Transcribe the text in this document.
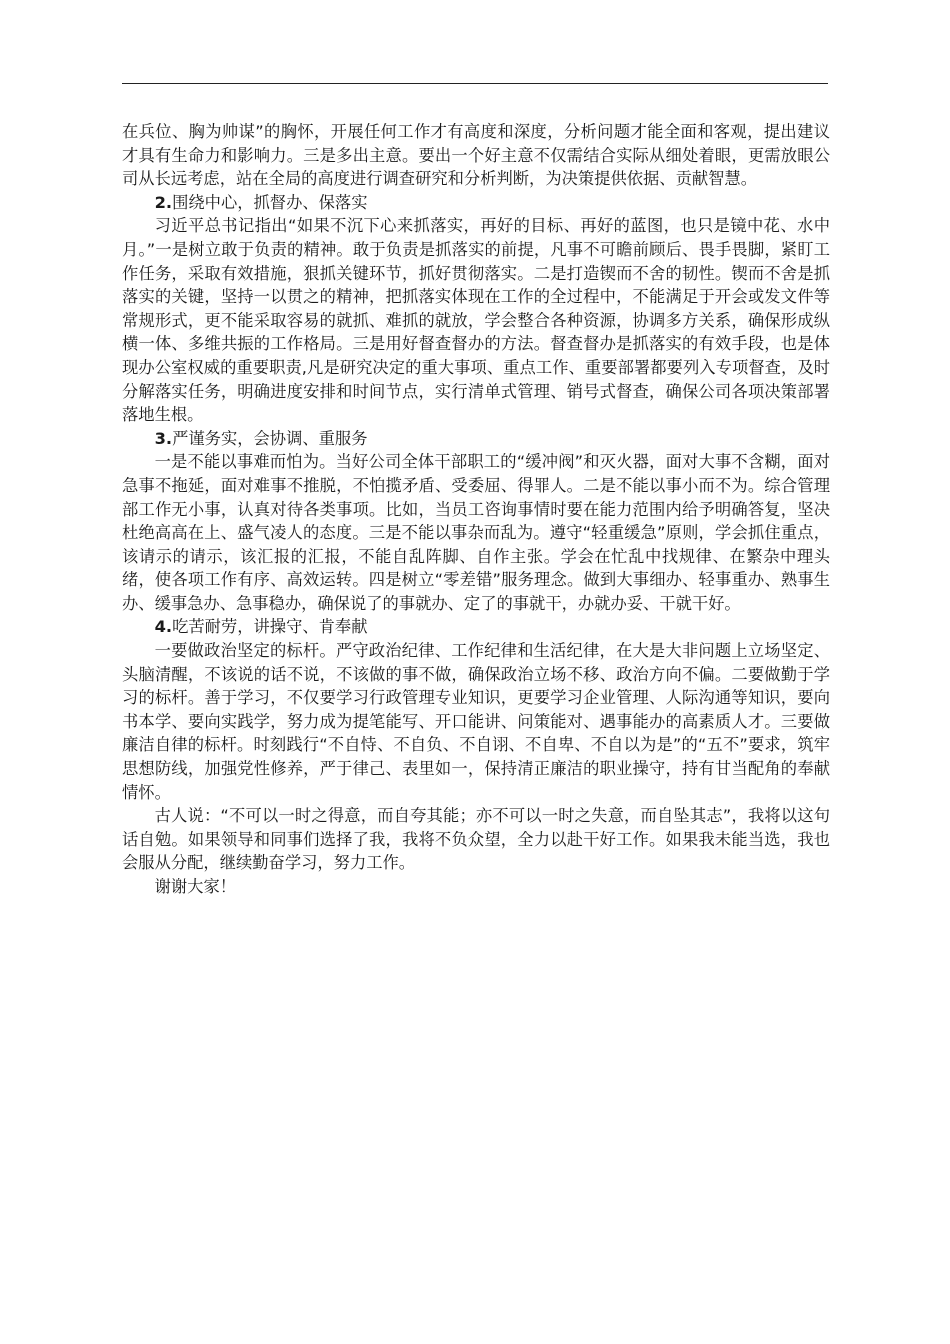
在兵位、胸为帅谋”的胸怀，开展任何工作才有高度和深度，分析问题才能全面和客观，提出建议才具有生命力和影响力。三是多出主意。要出一个好主意不仅需结合实际从细处着眼，更需放眼公司从长远考虑，站在全局的高度进行调查研究和分析判断，为决策提供依据、贡献智慧。

2.围绕中心，抓督办、保落实

习近平总书记指出“如果不沉下心来抓落实，再好的目标、再好的蓝图，也只是镜中花、水中月。”一是树立敢于负责的精神。敢于负责是抓落实的前提，凡事不可瞻前顾后、畏手畏脚，紧盯工作任务，采取有效措施，狠抓关键环节，抓好贯彻落实。二是打造锲而不舍的韧性。锲而不舍是抓落实的关键，坚持一以贯之的精神，把抓落实体现在工作的全过程中，不能满足于开会或发文件等常规形式，更不能采取容易的就抓、难抓的就放，学会整合各种资源，协调多方关系，确保形成纵横一体、多维共振的工作格局。三是用好督查督办的方法。督查督办是抓落实的有效手段，也是体现办公室权威的重要职责,凡是研究决定的重大事项、重点工作、重要部署都要列入专项督查，及时分解落实任务，明确进度安排和时间节点，实行清单式管理、销号式督查，确保公司各项决策部署落地生根。

3.严谨务实，会协调、重服务

一是不能以事难而怕为。当好公司全体干部职工的“缓冲阀”和灭火器，面对大事不含糊，面对急事不拖延，面对难事不推脱，不怕揽矛盾、受委屈、得罪人。二是不能以事小而不为。综合管理部工作无小事，认真对待各类事项。比如，当员工咨询事情时要在能力范围内给予明确答复，坚决杜绝高高在上、盛气凌人的态度。三是不能以事杂而乱为。遵守“轻重缓急”原则，学会抓住重点，该请示的请示，该汇报的汇报，不能自乱阵脚、自作主张。学会在忙乱中找规律、在繁杂中理头绪，使各项工作有序、高效运转。四是树立“零差错”服务理念。做到大事细办、轻事重办、熟事生办、缓事急办、急事稳办，确保说了的事就办、定了的事就干，办就办妥、干就干好。

4.吃苦耐劳，讲操守、肯奉献

一要做政治坚定的标杆。严守政治纪律、工作纪律和生活纪律，在大是大非问题上立场坚定、头脑清醒，不该说的话不说，不该做的事不做，确保政治立场不移、政治方向不偏。二要做勤于学习的标杆。善于学习，不仅要学习行政管理专业知识，更要学习企业管理、人际沟通等知识，要向书本学、要向实践学，努力成为提笔能写、开口能讲、问策能对、遇事能办的高素质人才。三要做廉洁自律的标杆。时刻践行“不自恃、不自负、不自诩、不自卑、不自以为是”的“五不”要求，筑牢思想防线，加强党性修养，严于律己、表里如一，保持清正廉洁的职业操守，持有甘当配角的奉献情怀。

古人说：“不可以一时之得意，而自夸其能；亦不可以一时之失意，而自坠其志”，我将以这句话自勉。如果领导和同事们选择了我，我将不负众望，全力以赴干好工作。如果我未能当选，我也会服从分配，继续勤奋学习，努力工作。

谢谢大家！
